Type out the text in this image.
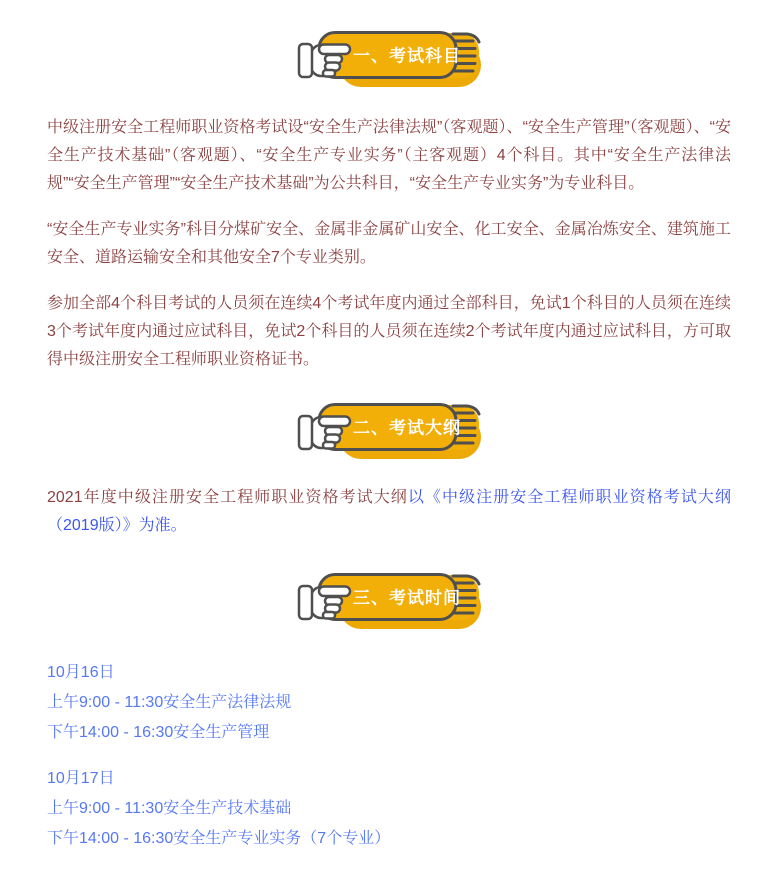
一、考试科目

中级注册安全工程师职业资格考试设“安全生产法律法规”（客观题）、“安全生产管理”（客观题）、“安全生产技术基础”（客观题）、“安全生产专业实务”（主客观题）4个科目。其中“安全生产法律法规”“安全生产管理”“安全生产技术基础”为公共科目，“安全生产专业实务”为专业科目。

“安全生产专业实务”科目分煤矿安全、金属非金属矿山安全、化工安全、金属冶炼安全、建筑施工安全、道路运输安全和其他安全7个专业类别。

参加全部4个科目考试的人员须在连续4个考试年度内通过全部科目，免试1个科目的人员须在连续3个考试年度内通过应试科目，免试2个科目的人员须在连续2个考试年度内通过应试科目，方可取得中级注册安全工程师职业资格证书。

二、考试大纲

2021年度中级注册安全工程师职业资格考试大纲以《中级注册安全工程师职业资格考试大纲（2019版）》为准。

三、考试时间
10月16日
上午9:00 - 11:30安全生产法律法规
下午14:00 - 16:30安全生产管理
10月17日
上午9:00 - 11:30安全生产技术基础
下午14:00 - 16:30安全生产专业实务（7个专业）
